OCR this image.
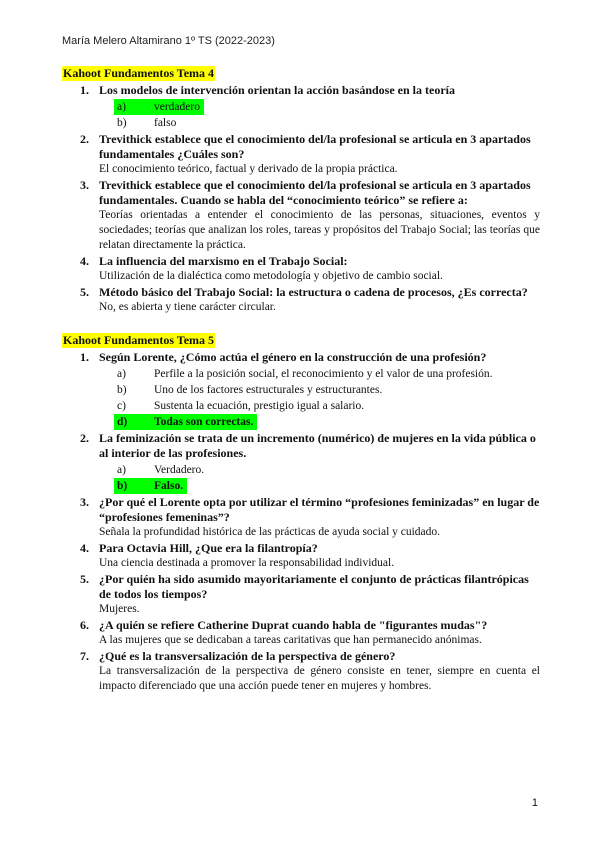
María Melero Altamirano 1º TS (2022-2023)
Kahoot Fundamentos Tema 4
1. Los modelos de intervención orientan la acción basándose en la teoría
a) verdadero
b) falso
2. Trevithick establece que el conocimiento del/la profesional se articula en 3 apartados fundamentales ¿Cuáles son?
El conocimiento teórico, factual y derivado de la propia práctica.
3. Trevithick establece que el conocimiento del/la profesional se articula en 3 apartados fundamentales. Cuando se habla del “conocimiento teórico” se refiere a:
Teorías orientadas a entender el conocimiento de las personas, situaciones, eventos y sociedades; teorías que analizan los roles, tareas y propósitos del Trabajo Social; las teorías que relatan directamente la práctica.
4. La influencia del marxismo en el Trabajo Social:
Utilización de la dialéctica como metodología y objetivo de cambio social.
5. Método básico del Trabajo Social: la estructura o cadena de procesos, ¿Es correcta?
No, es abierta y tiene carácter circular.
Kahoot Fundamentos Tema 5
1. Según Lorente, ¿Cómo actúa el género en la construcción de una profesión?
a) Perfile a la posición social, el reconocimiento y el valor de una profesión.
b) Uno de los factores estructurales y estructurantes.
c) Sustenta la ecuación, prestigio igual a salario.
d) Todas son correctas.
2. La feminización se trata de un incremento (numérico) de mujeres en la vida pública o al interior de las profesiones.
a) Verdadero.
b) Falso.
3. ¿Por qué el Lorente opta por utilizar el término “profesiones feminizadas” en lugar de “profesiones femeninas”?
Señala la profundidad histórica de las prácticas de ayuda social y cuidado.
4. Para Octavia Hill, ¿Que era la filantropía?
Una ciencia destinada a promover la responsabilidad individual.
5. ¿Por quién ha sido asumido mayoritariamente el conjunto de prácticas filantrópicas de todos los tiempos?
Mujeres.
6. ¿A quién se refiere Catherine Duprat cuando habla de "figurantes mudas"?
A las mujeres que se dedicaban a tareas caritativas que han permanecido anónimas.
7. ¿Qué es la transversalización de la perspectiva de género?
La transversalización de la perspectiva de género consiste en tener, siempre en cuenta el impacto diferenciado que una acción puede tener en mujeres y hombres.
1
